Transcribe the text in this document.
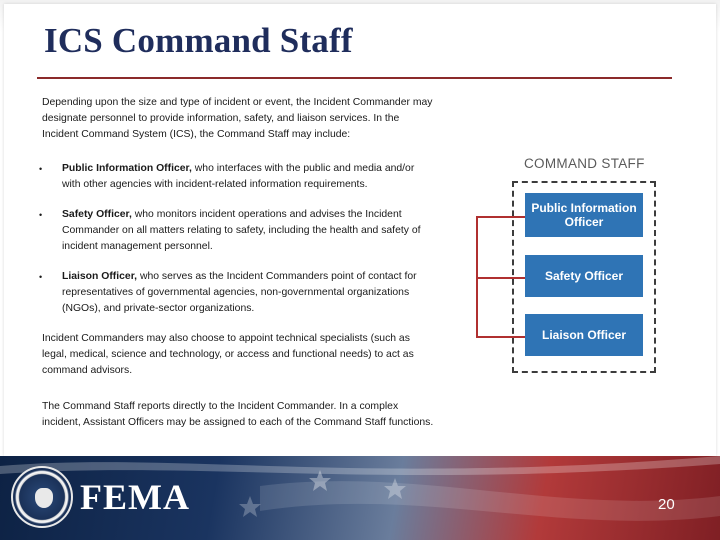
ICS Command Staff

Depending upon the size and type of incident or event, the Incident Commander may designate personnel to provide information, safety, and liaison services. In the Incident Command System (ICS), the Command Staff may include:

• Public Information Officer, who interfaces with the public and media and/or with other agencies with incident-related information requirements.
• Safety Officer, who monitors incident operations and advises the Incident Commander on all matters relating to safety, including the health and safety of incident management personnel.
• Liaison Officer, who serves as the Incident Commanders point of contact for representatives of governmental agencies, non-governmental organizations (NGOs), and private-sector organizations.

Incident Commanders may also choose to appoint technical specialists (such as legal, medical, science and technology, or access and functional needs) to act as command advisors.

The Command Staff reports directly to the Incident Commander. In a complex incident, Assistant Officers may be assigned to each of the Command Staff functions.

COMMAND STAFF
Public Information Officer
Safety Officer
Liaison Officer
FEMA	20
